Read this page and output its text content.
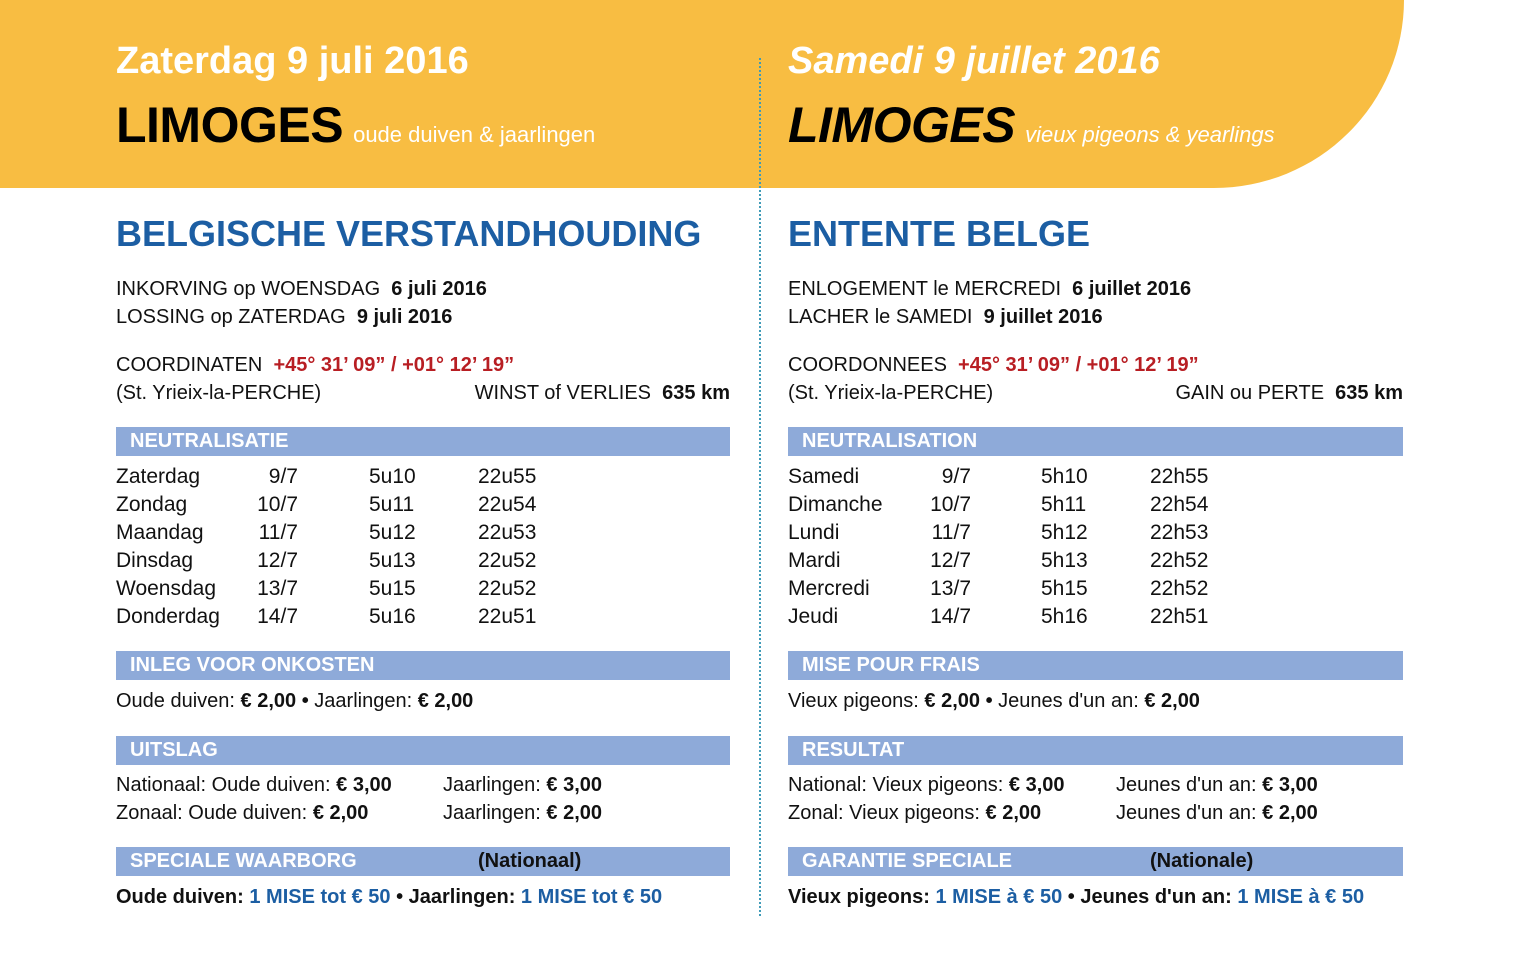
Zaterdag 9 juli 2016
LIMOGES oude duiven & jaarlingen
BELGISCHE VERSTANDHOUDING
INKORVING op WOENSDAG 6 juli 2016
LOSSING op ZATERDAG 9 juli 2016
COORDINATEN +45° 31’ 09” / +01° 12’ 19”
(St. Yrieix-la-PERCHE)	WINST of VERLIES 635 km
NEUTRALISATIE
Zaterdag	9/7	5u10	22u55
Zondag	10/7	5u11	22u54
Maandag	11/7	5u12	22u53
Dinsdag	12/7	5u13	22u52
Woensdag 13/7	5u15	22u52
Donderdag 14/7	5u16	22u51
INLEG VOOR ONKOSTEN
Oude duiven: € 2,00 • Jaarlingen: € 2,00
UITSLAG
Nationaal: Oude duiven: € 3,00	Jaarlingen: € 3,00
Zonaal: Oude duiven: € 2,00	Jaarlingen: € 2,00
SPECIALE WAARBORG	(Nationaal)
Oude duiven: 1 MISE tot € 50 • Jaarlingen: 1 MISE tot € 50
Samedi 9 juillet 2016
LIMOGES vieux pigeons & yearlings
ENTENTE BELGE
ENLOGEMENT le MERCREDI 6 juillet 2016
LACHER le SAMEDI 9 juillet 2016
COORDONNEES +45° 31’ 09” / +01° 12’ 19”
(St. Yrieix-la-PERCHE)	GAIN ou PERTE 635 km
NEUTRALISATION
Samedi	9/7	5h10	22h55
Dimanche 10/7	5h11	22h54
Lundi	11/7	5h12	22h53
Mardi	12/7	5h13	22h52
Mercredi	13/7	5h15	22h52
Jeudi	14/7	5h16	22h51
MISE POUR FRAIS
Vieux pigeons: € 2,00 • Jeunes d'un an: € 2,00
RESULTAT
National: Vieux pigeons: € 3,00	Jeunes d'un an: € 3,00
Zonal: Vieux pigeons: € 2,00	Jeunes d'un an: € 2,00
GARANTIE SPECIALE	(Nationale)
Vieux pigeons: 1 MISE à € 50 • Jeunes d'un an: 1 MISE à € 50
